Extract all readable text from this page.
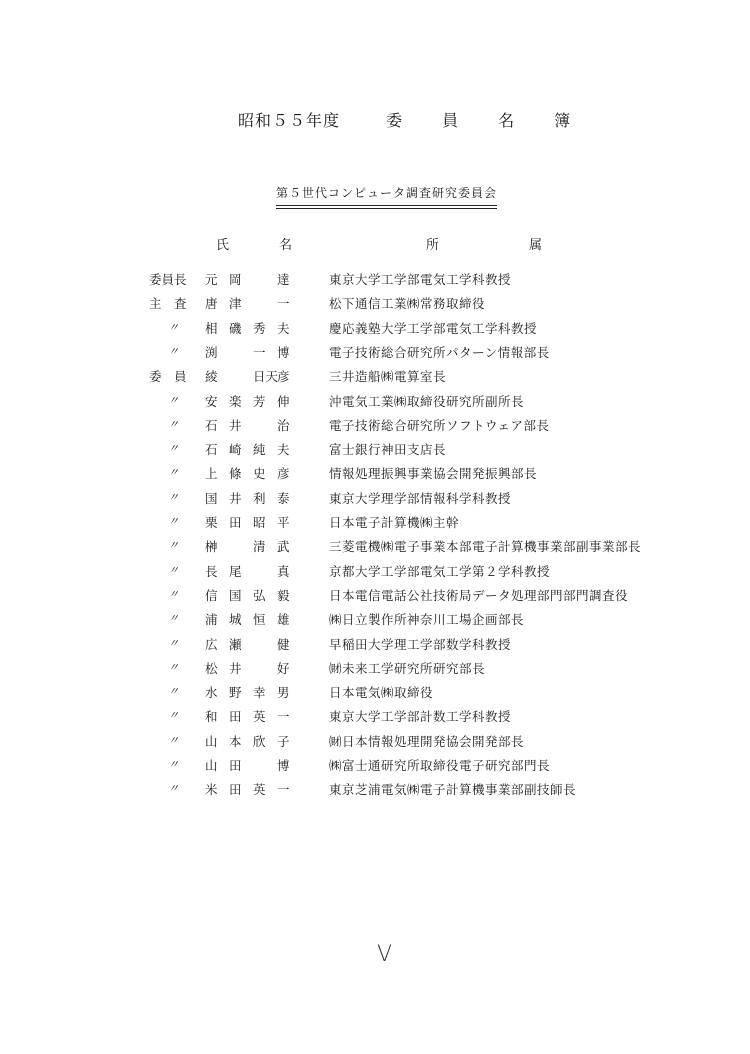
昭和５５年度	委員名簿
第５世代コンピュータ調査研究委員会
氏名	所属
委員長	元 岡	達	東京大学工学部電気工学科教授
主　査	唐 津	一	松下通信工業㈱常務取締役
〃	相 磯 秀 夫	慶応義塾大学工学部電気工学科教授
〃	渕	一 博	電子技術総合研究所パターン情報部長
委　員	綾	日天彦	三井造船㈱電算室長
〃	安 楽 芳 伸	沖電気工業㈱取締役研究所副所長
〃	石 井	治	電子技術総合研究所ソフトウェア部長
〃	石 崎 純 夫	富士銀行神田支店長
〃	上 條 史 彦	情報処理振興事業協会開発振興部長
〃	国 井 利 泰	東京大学理学部情報科学科教授
〃	栗 田 昭 平	日本電子計算機㈱主幹
〃	榊	清 武	三菱電機㈱電子事業本部電子計算機事業部副事業部長
〃	長 尾	真	京都大学工学部電気工学第２学科教授
〃	信 国 弘 毅	日本電信電話公社技術局データ処理部門部門調査役
〃	浦 城 恒 雄	㈱日立製作所神奈川工場企画部長
〃	広 瀬	健	早稲田大学理工学部数学科教授
〃	松 井	好	㈶未来工学研究所研究部長
〃	水 野 幸 男	日本電気㈱取締役
〃	和 田 英 一	東京大学工学部計数工学科教授
〃	山 本 欣 子	㈶日本情報処理開発協会開発部長
〃	山 田	博	㈱富士通研究所取締役電子研究部門長
〃	米 田 英 一	東京芝浦電気㈱電子計算機事業部副技師長
V
